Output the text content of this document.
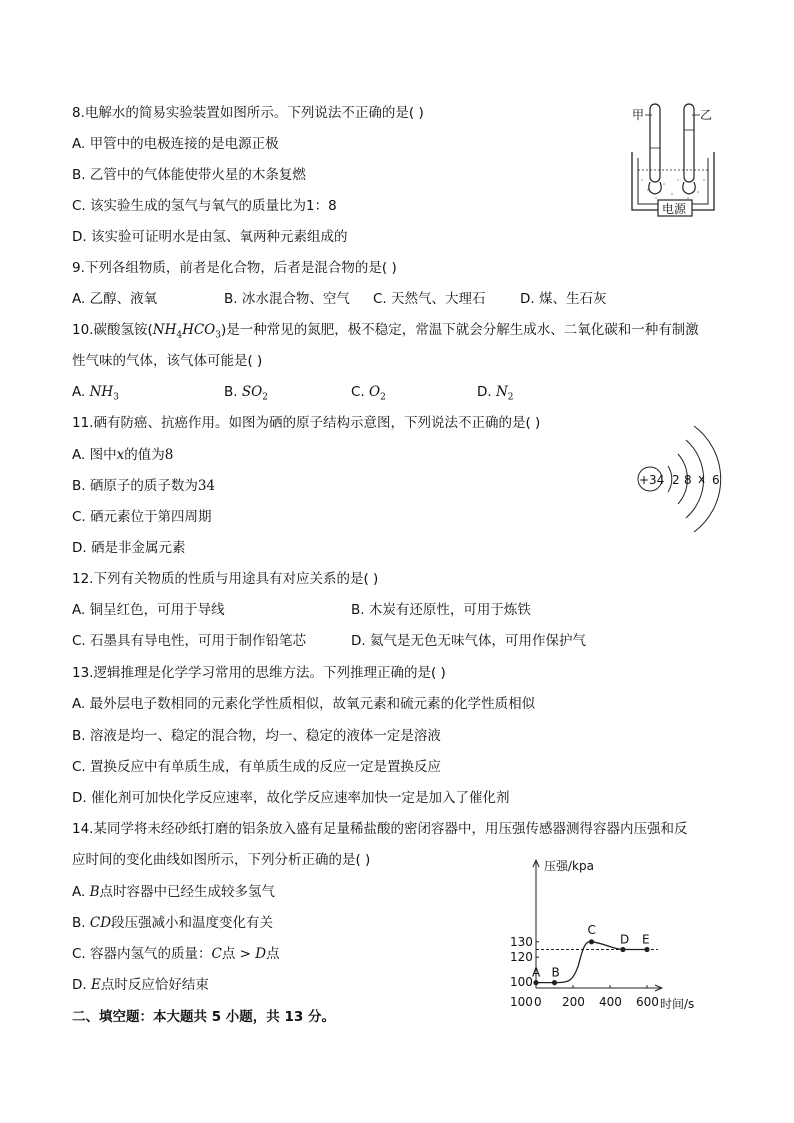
8.电解水的简易实验装置如图所示。下列说法不正确的是( )
A. 甲管中的电极连接的是电源正极
B. 乙管中的气体能使带火星的木条复燃
C. 该实验生成的氢气与氧气的质量比为1：8
D. 该实验可证明水是由氢、氧两种元素组成的
甲	乙
电源
9.下列各组物质，前者是化合物，后者是混合物的是( )
A. 乙醇、液氧	B. 冰水混合物、空气 C. 天然气、大理石	D. 煤、生石灰
10.碳酸氢铵$(NH_4HCO_3)$是一种常见的氮肥，极不稳定，常温下就会分解生成水、二氧化碳和一种有制激
性气味的气体，该气体可能是( )
A. $NH_3$	B. $SO_2$	C. $O_2$	D. $N_2$
11.硒有防癌、抗癌作用。如图为硒的原子结构示意图，下列说法不正确的是( )
A. 图中x的值为8
B. 硒原子的质子数为34
C. 硒元素位于第四周期
D. 硒是非金属元素
+34 2 8 x 6
12.下列有关物质的性质与用途具有对应关系的是( )
A. 铜呈红色，可用于导线	B. 木炭有还原性，可用于炼铁
C. 石墨具有导电性，可用于制作铅笔芯	D. 氦气是无色无味气体，可用作保护气
13.逻辑推理是化学学习常用的思维方法。下列推理正确的是( )
A. 最外层电子数相同的元素化学性质相似，故氧元素和硫元素的化学性质相似
B. 溶液是均一、稳定的混合物，均一、稳定的液体一定是溶液
C. 置换反应中有单质生成，有单质生成的反应一定是置换反应
D. 催化剂可加快化学反应速率，故化学反应速率加快一定是加入了催化剂
14.某同学将未经砂纸打磨的铝条放入盛有足量稀盐酸的密闭容器中，用压强传感器测得容器内压强和反
应时间的变化曲线如图所示，下列分析正确的是( )
A. B点时容器中已经生成较多氢气
B. CD段压强减小和温度变化有关
C. 容器内氢气的质量：C点 > D点
D. E点时反应恰好结束
压强/kpa
时间/s
0 200 400 600
100
120
130
100
A B
C
D E
二、填空题：本大题共 5 小题，共 13 分。
